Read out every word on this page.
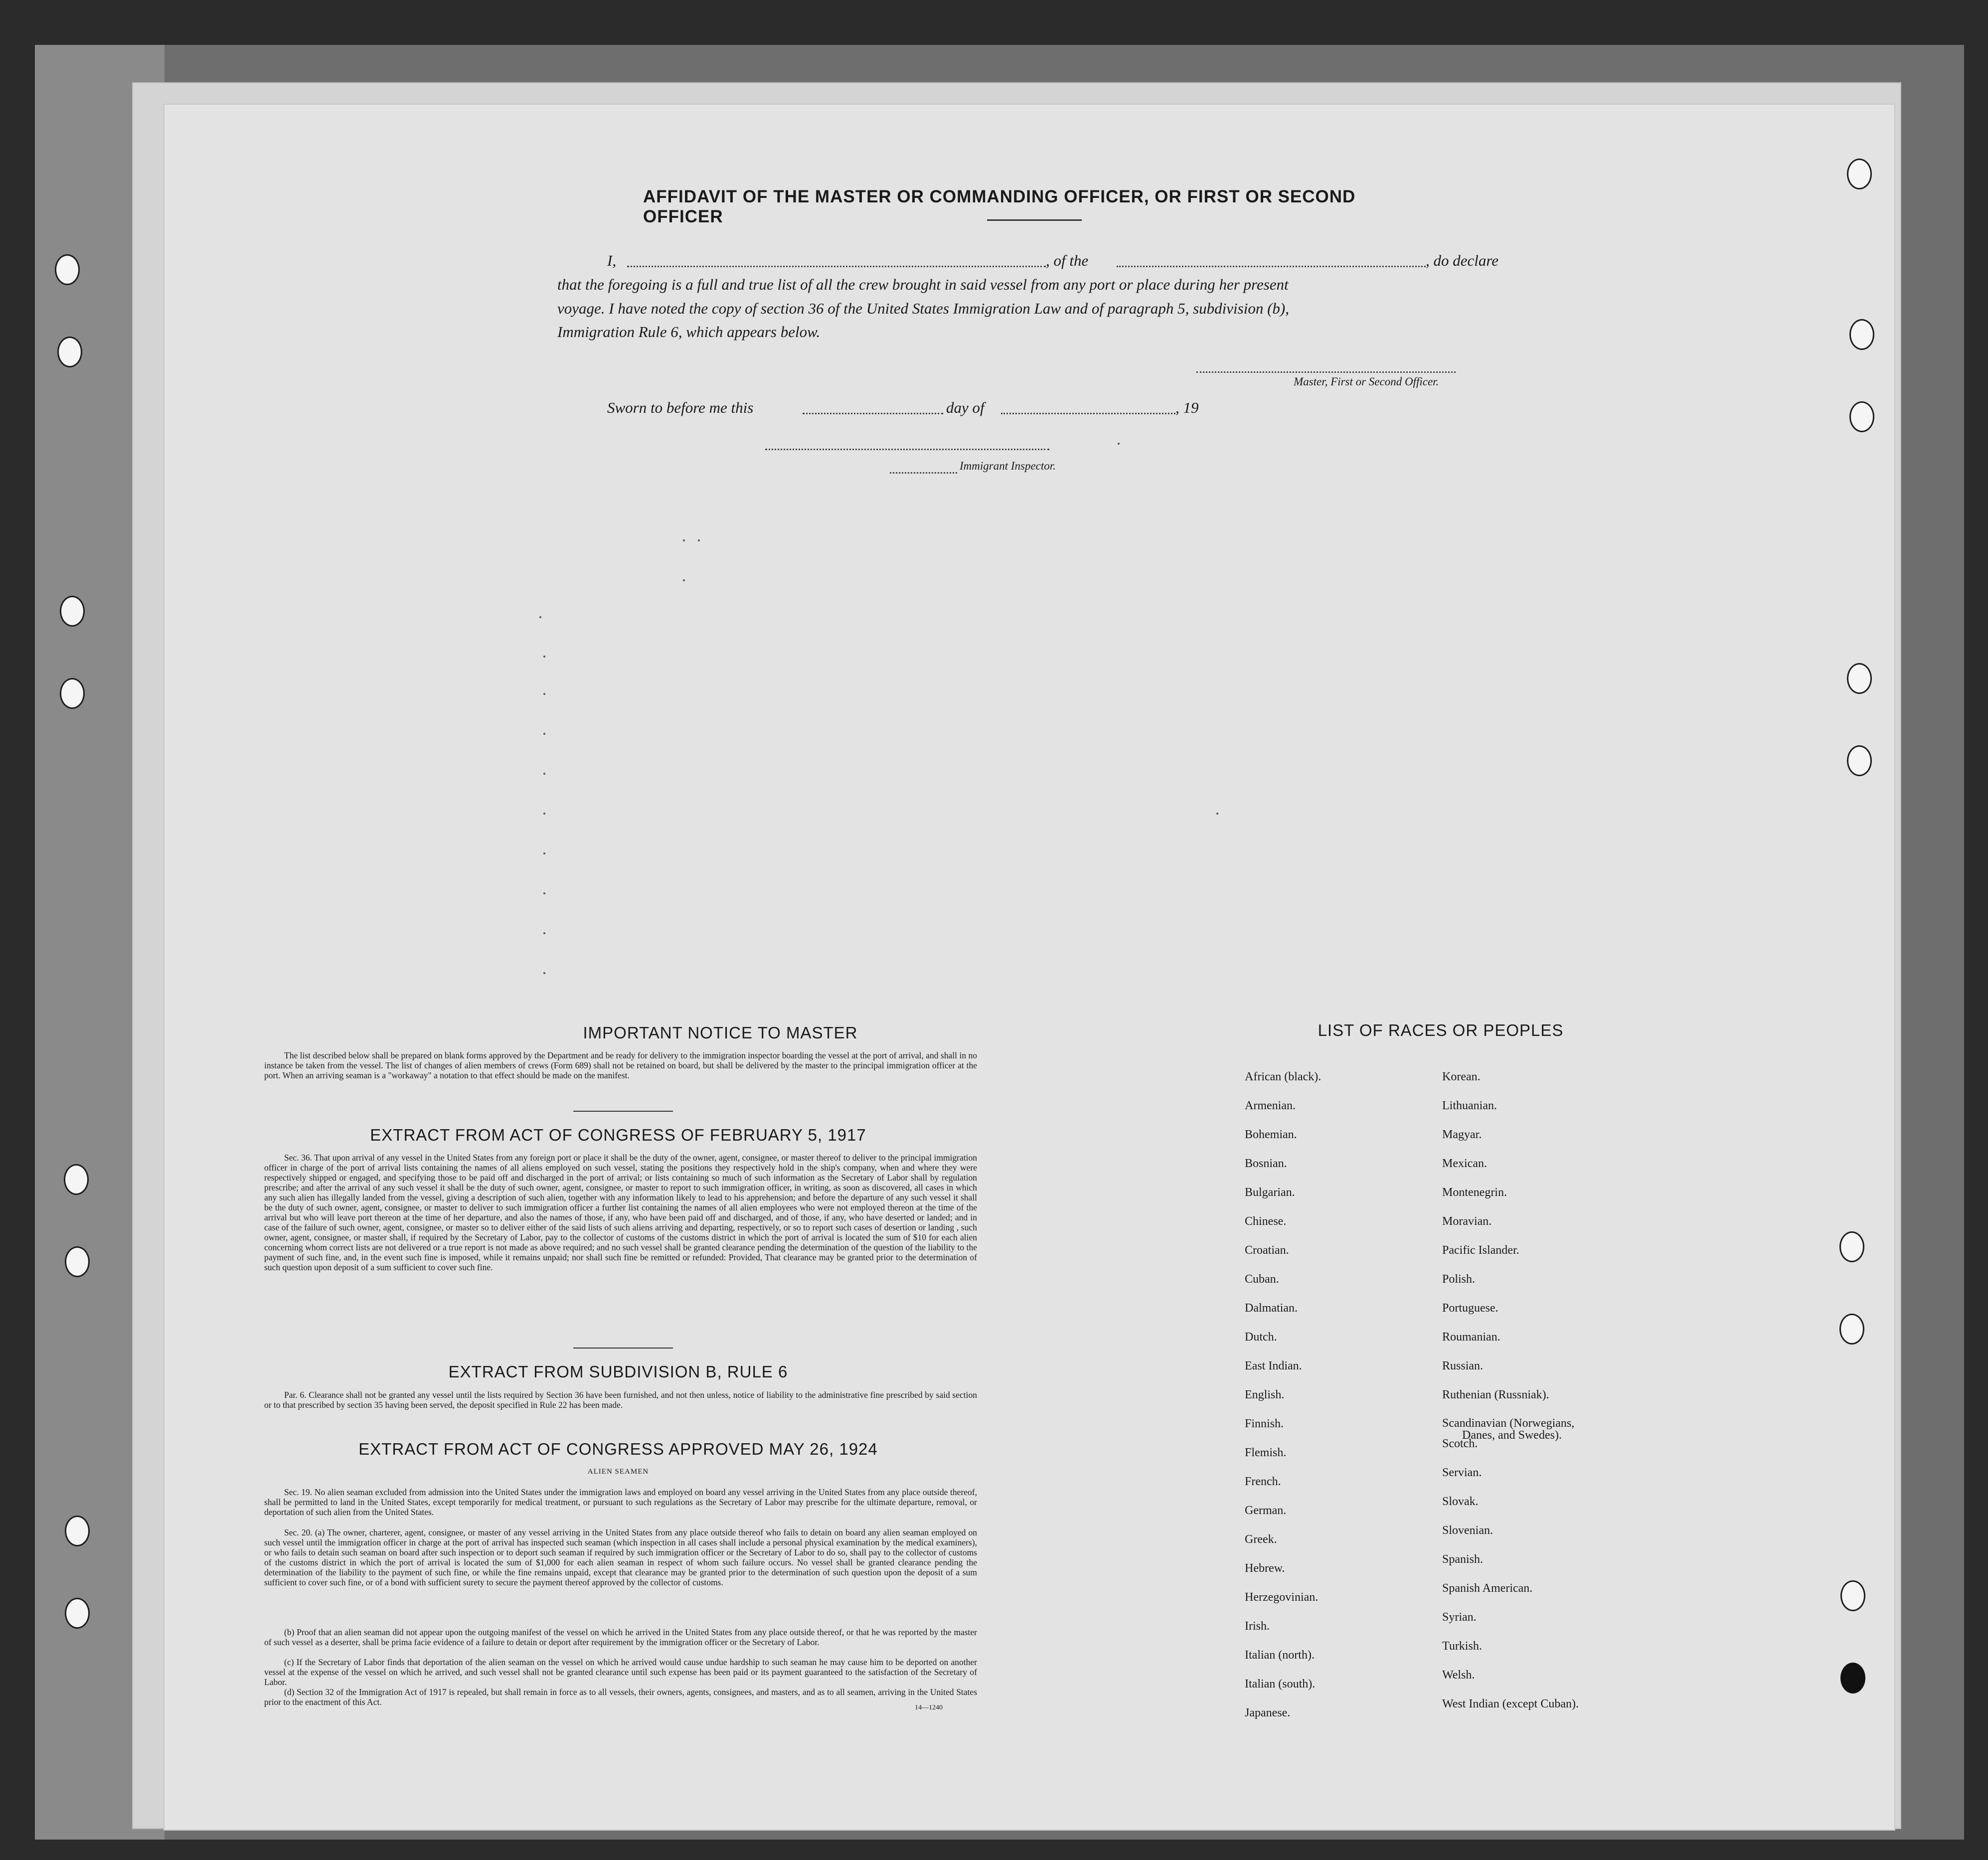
AFFIDAVIT OF THE MASTER OR COMMANDING OFFICER, OR FIRST OR SECOND OFFICER
I,	, of the	, do declare
that the foregoing is a full and true list of all the crew brought in said vessel from any port or place during her present
voyage. I have noted the copy of section 36 of the United States Immigration Law and of paragraph 5, subdivision (b),
Immigration Rule 6, which appears below.
Master, First or Second Officer.
Sworn to before me this	day of	, 19
Immigrant Inspector.
IMPORTANT NOTICE TO MASTER
The list described below shall be prepared on blank forms approved by the Department and be ready for delivery to the immigration inspector boarding the vessel at the port of arrival, and shall in no instance be taken from the vessel. The list of changes of alien members of crews (Form 689) shall not be retained on board, but shall be delivered by the master to the principal immigration officer at the port. When an arriving seaman is a "workaway" a notation to that effect should be made on the manifest.
EXTRACT FROM ACT OF CONGRESS OF FEBRUARY 5, 1917
Sec. 36. That upon arrival of any vessel in the United States from any foreign port or place it shall be the duty of the owner, agent, consignee, or master thereof to deliver to the principal immigration officer in charge of the port of arrival lists containing the names of all aliens employed on such vessel, stating the positions they respectively hold in the ship's company, when and where they were respectively shipped or engaged, and specifying those to be paid off and discharged in the port of arrival; or lists containing so much of such information as the Secretary of Labor shall by regulation prescribe; and after the arrival of any such vessel it shall be the duty of such owner, agent, consignee, or master to report to such immigration officer, in writing, as soon as discovered, all cases in which any such alien has illegally landed from the vessel, giving a description of such alien, together with any information likely to lead to his apprehension; and before the departure of any such vessel it shall be the duty of such owner, agent, consignee, or master to deliver to such immigration officer a further list containing the names of all alien employees who were not employed thereon at the time of the arrival but who will leave port thereon at the time of her departure, and also the names of those, if any, who have been paid off and discharged, and of those, if any, who have deserted or landed; and in case of the failure of such owner, agent, consignee, or master so to deliver either of the said lists of such aliens arriving and departing, respectively, or so to report such cases of desertion or landing , such owner, agent, consignee, or master shall, if required by the Secretary of Labor, pay to the collector of customs of the customs district in which the port of arrival is located the sum of $10 for each alien concerning whom correct lists are not delivered or a true report is not made as above required; and no such vessel shall be granted clearance pending the determination of the question of the liability to the payment of such fine, and, in the event such fine is imposed, while it remains unpaid; nor shall such fine be remitted or refunded: Provided, That clearance may be granted prior to the determination of such question upon deposit of a sum sufficient to cover such fine.
EXTRACT FROM SUBDIVISION B, RULE 6
Par. 6. Clearance shall not be granted any vessel until the lists required by Section 36 have been furnished, and not then unless, notice of liability to the administrative fine prescribed by said section or to that prescribed by section 35 having been served, the deposit specified in Rule 22 has been made.
EXTRACT FROM ACT OF CONGRESS APPROVED MAY 26, 1924
ALIEN SEAMEN
Sec. 19. No alien seaman excluded from admission into the United States under the immigration laws and employed on board any vessel arriving in the United States from any place outside thereof, shall be permitted to land in the United States, except temporarily for medical treatment, or pursuant to such regulations as the Secretary of Labor may prescribe for the ultimate departure, removal, or deportation of such alien from the United States.
Sec. 20. (a) The owner, charterer, agent, consignee, or master of any vessel arriving in the United States from any place outside thereof who fails to detain on board any alien seaman employed on such vessel until the immigration officer in charge at the port of arrival has inspected such seaman (which inspection in all cases shall include a personal physical examination by the medical examiners), or who fails to detain such seaman on board after such inspection or to deport such seaman if required by such immigration officer or the Secretary of Labor to do so, shall pay to the collector of customs of the customs district in which the port of arrival is located the sum of $1,000 for each alien seaman in respect of whom such failure occurs. No vessel shall be granted clearance pending the determination of the liability to the payment of such fine, or while the fine remains unpaid, except that clearance may be granted prior to the determination of such question upon the deposit of a sum sufficient to cover such fine, or of a bond with sufficient surety to secure the payment thereof approved by the collector of customs.
(b) Proof that an alien seaman did not appear upon the outgoing manifest of the vessel on which he arrived in the United States from any place outside thereof, or that he was reported by the master of such vessel as a deserter, shall be prima facie evidence of a failure to detain or deport after requirement by the immigration officer or the Secretary of Labor.
(c) If the Secretary of Labor finds that deportation of the alien seaman on the vessel on which he arrived would cause undue hardship to such seaman he may cause him to be deported on another vessel at the expense of the vessel on which he arrived, and such vessel shall not be granted clearance until such expense has been paid or its payment guaranteed to the satisfaction of the Secretary of Labor.
(d) Section 32 of the Immigration Act of 1917 is repealed, but shall remain in force as to all vessels, their owners, agents, consignees, and masters, and as to all seamen, arriving in the United States prior to the enactment of this Act.
14—1240
LIST OF RACES OR PEOPLES
African (black).
Armenian.
Bohemian.
Bosnian.
Bulgarian.
Chinese.
Croatian.
Cuban.
Dalmatian.
Dutch.
East Indian.
English.
Finnish.
Flemish.
French.
German.
Greek.
Hebrew.
Herzegovinian.
Irish.
Italian (north).
Italian (south).
Japanese.
Korean.
Lithuanian.
Magyar.
Mexican.
Montenegrin.
Moravian.
Pacific Islander.
Polish.
Portuguese.
Roumanian.
Russian.
Ruthenian (Russniak).
Scandinavian (Norwegians,
Danes, and Swedes).
Scotch.
Servian.
Slovak.
Slovenian.
Spanish.
Spanish American.
Syrian.
Turkish.
Welsh.
West Indian (except Cuban).
